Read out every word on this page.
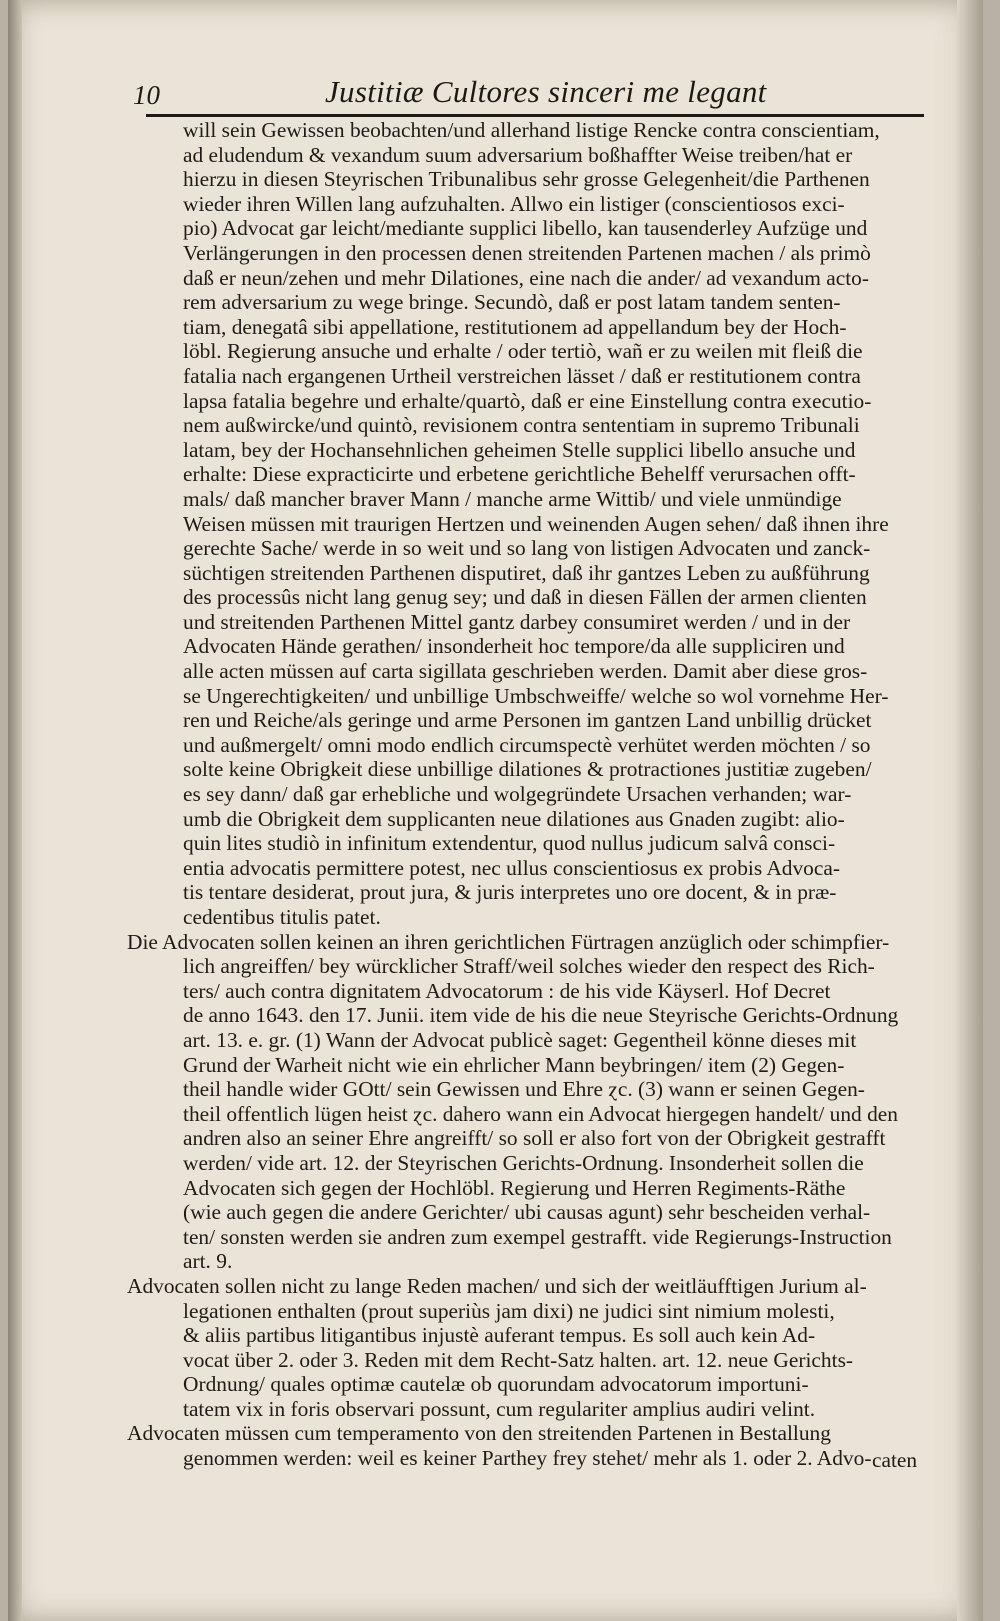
10	Justitiæ Cultores sinceri me legant
will sein Gewissen beobachten/und allerhand listige Rencke contra conscientiam,
ad eludendum & vexandum suum adversarium boßhaffter Weise treiben/hat er
hierzu in diesen Steyrischen Tribunalibus sehr grosse Gelegenheit/die Parthenen
wieder ihren Willen lang aufzuhalten. Allwo ein listiger (conscientiosos exci-
pio) Advocat gar leicht/mediante supplici libello, kan tausenderley Aufzüge und
Verlängerungen in den processen denen streitenden Partenen machen / als primò
daß er neun/zehen und mehr Dilationes, eine nach die ander/ ad vexandum acto-
rem adversarium zu wege bringe. Secundò, daß er post latam tandem senten-
tiam, denegatâ sibi appellatione, restitutionem ad appellandum bey der Hoch-
löbl. Regierung ansuche und erhalte / oder tertiò, wañ er zu weilen mit fleiß die
fatalia nach ergangenen Urtheil verstreichen lässet / daß er restitutionem contra
lapsa fatalia begehre und erhalte/quartò, daß er eine Einstellung contra executio-
nem außwircke/und quintò, revisionem contra sententiam in supremo Tribunali
latam, bey der Hochansehnlichen geheimen Stelle supplici libello ansuche und
erhalte: Diese expracticirte und erbetene gerichtliche Behelff verursachen offt-
mals/ daß mancher braver Mann / manche arme Wittib/ und viele unmündige
Weisen müssen mit traurigen Hertzen und weinenden Augen sehen/ daß ihnen ihre
gerechte Sache/ werde in so weit und so lang von listigen Advocaten und zanck-
süchtigen streitenden Parthenen disputiret, daß ihr gantzes Leben zu außführung
des processûs nicht lang genug sey; und daß in diesen Fällen der armen clienten
und streitenden Parthenen Mittel gantz darbey consumiret werden / und in der
Advocaten Hände gerathen/ insonderheit hoc tempore/da alle suppliciren und
alle acten müssen auf carta sigillata geschrieben werden. Damit aber diese gros-
se Ungerechtigkeiten/ und unbillige Umbschweiffe/ welche so wol vornehme Her-
ren und Reiche/als geringe und arme Personen im gantzen Land unbillig drücket
und außmergelt/ omni modo endlich circumspectè verhütet werden möchten / so
solte keine Obrigkeit diese unbillige dilationes & protractiones justitiæ zugeben/
es sey dann/ daß gar erhebliche und wolgegründete Ursachen verhanden; war-
umb die Obrigkeit dem supplicanten neue dilationes aus Gnaden zugibt: alio-
quin lites studiò in infinitum extendentur, quod nullus judicum salvâ consci-
entia advocatis permittere potest, nec ullus conscientiosus ex probis Advoca-
tis tentare desiderat, prout jura, & juris interpretes uno ore docent, & in præ-
cedentibus titulis patet.
Die Advocaten sollen keinen an ihren gerichtlichen Fürtragen anzüglich oder schimpfier-
lich angreiffen/ bey würcklicher Straff/weil solches wieder den respect des Rich-
ters/ auch contra dignitatem Advocatorum : de his vide Käyserl. Hof Decret
de anno 1643. den 17. Junii. item vide de his die neue Steyrische Gerichts-Ordnung
art. 13. e. gr. (1) Wann der Advocat publicè saget: Gegentheil könne dieses mit
Grund der Warheit nicht wie ein ehrlicher Mann beybringen/ item (2) Gegen-
theil handle wider GOtt/ sein Gewissen und Ehre ɀc. (3) wann er seinen Gegen-
theil offentlich lügen heist ɀc. dahero wann ein Advocat hiergegen handelt/ und den
andren also an seiner Ehre angreifft/ so soll er also fort von der Obrigkeit gestrafft
werden/ vide art. 12. der Steyrischen Gerichts-Ordnung. Insonderheit sollen die
Advocaten sich gegen der Hochlöbl. Regierung und Herren Regiments-Räthe
(wie auch gegen die andere Gerichter/ ubi causas agunt) sehr bescheiden verhal-
ten/ sonsten werden sie andren zum exempel gestrafft. vide Regierungs-Instruction
art. 9.
Advocaten sollen nicht zu lange Reden machen/ und sich der weitläufftigen Jurium al-
legationen enthalten (prout superiùs jam dixi) ne judici sint nimium molesti,
& aliis partibus litigantibus injustè auferant tempus. Es soll auch kein Ad-
vocat über 2. oder 3. Reden mit dem Recht-Satz halten. art. 12. neue Gerichts-
Ordnung/ quales optimæ cautelæ ob quorundam advocatorum importuni-
tatem vix in foris observari possunt, cum regulariter amplius audiri velint.
Advocaten müssen cum temperamento von den streitenden Partenen in Bestallung
genommen werden: weil es keiner Parthey frey stehet/ mehr als 1. oder 2. Advo- caten
